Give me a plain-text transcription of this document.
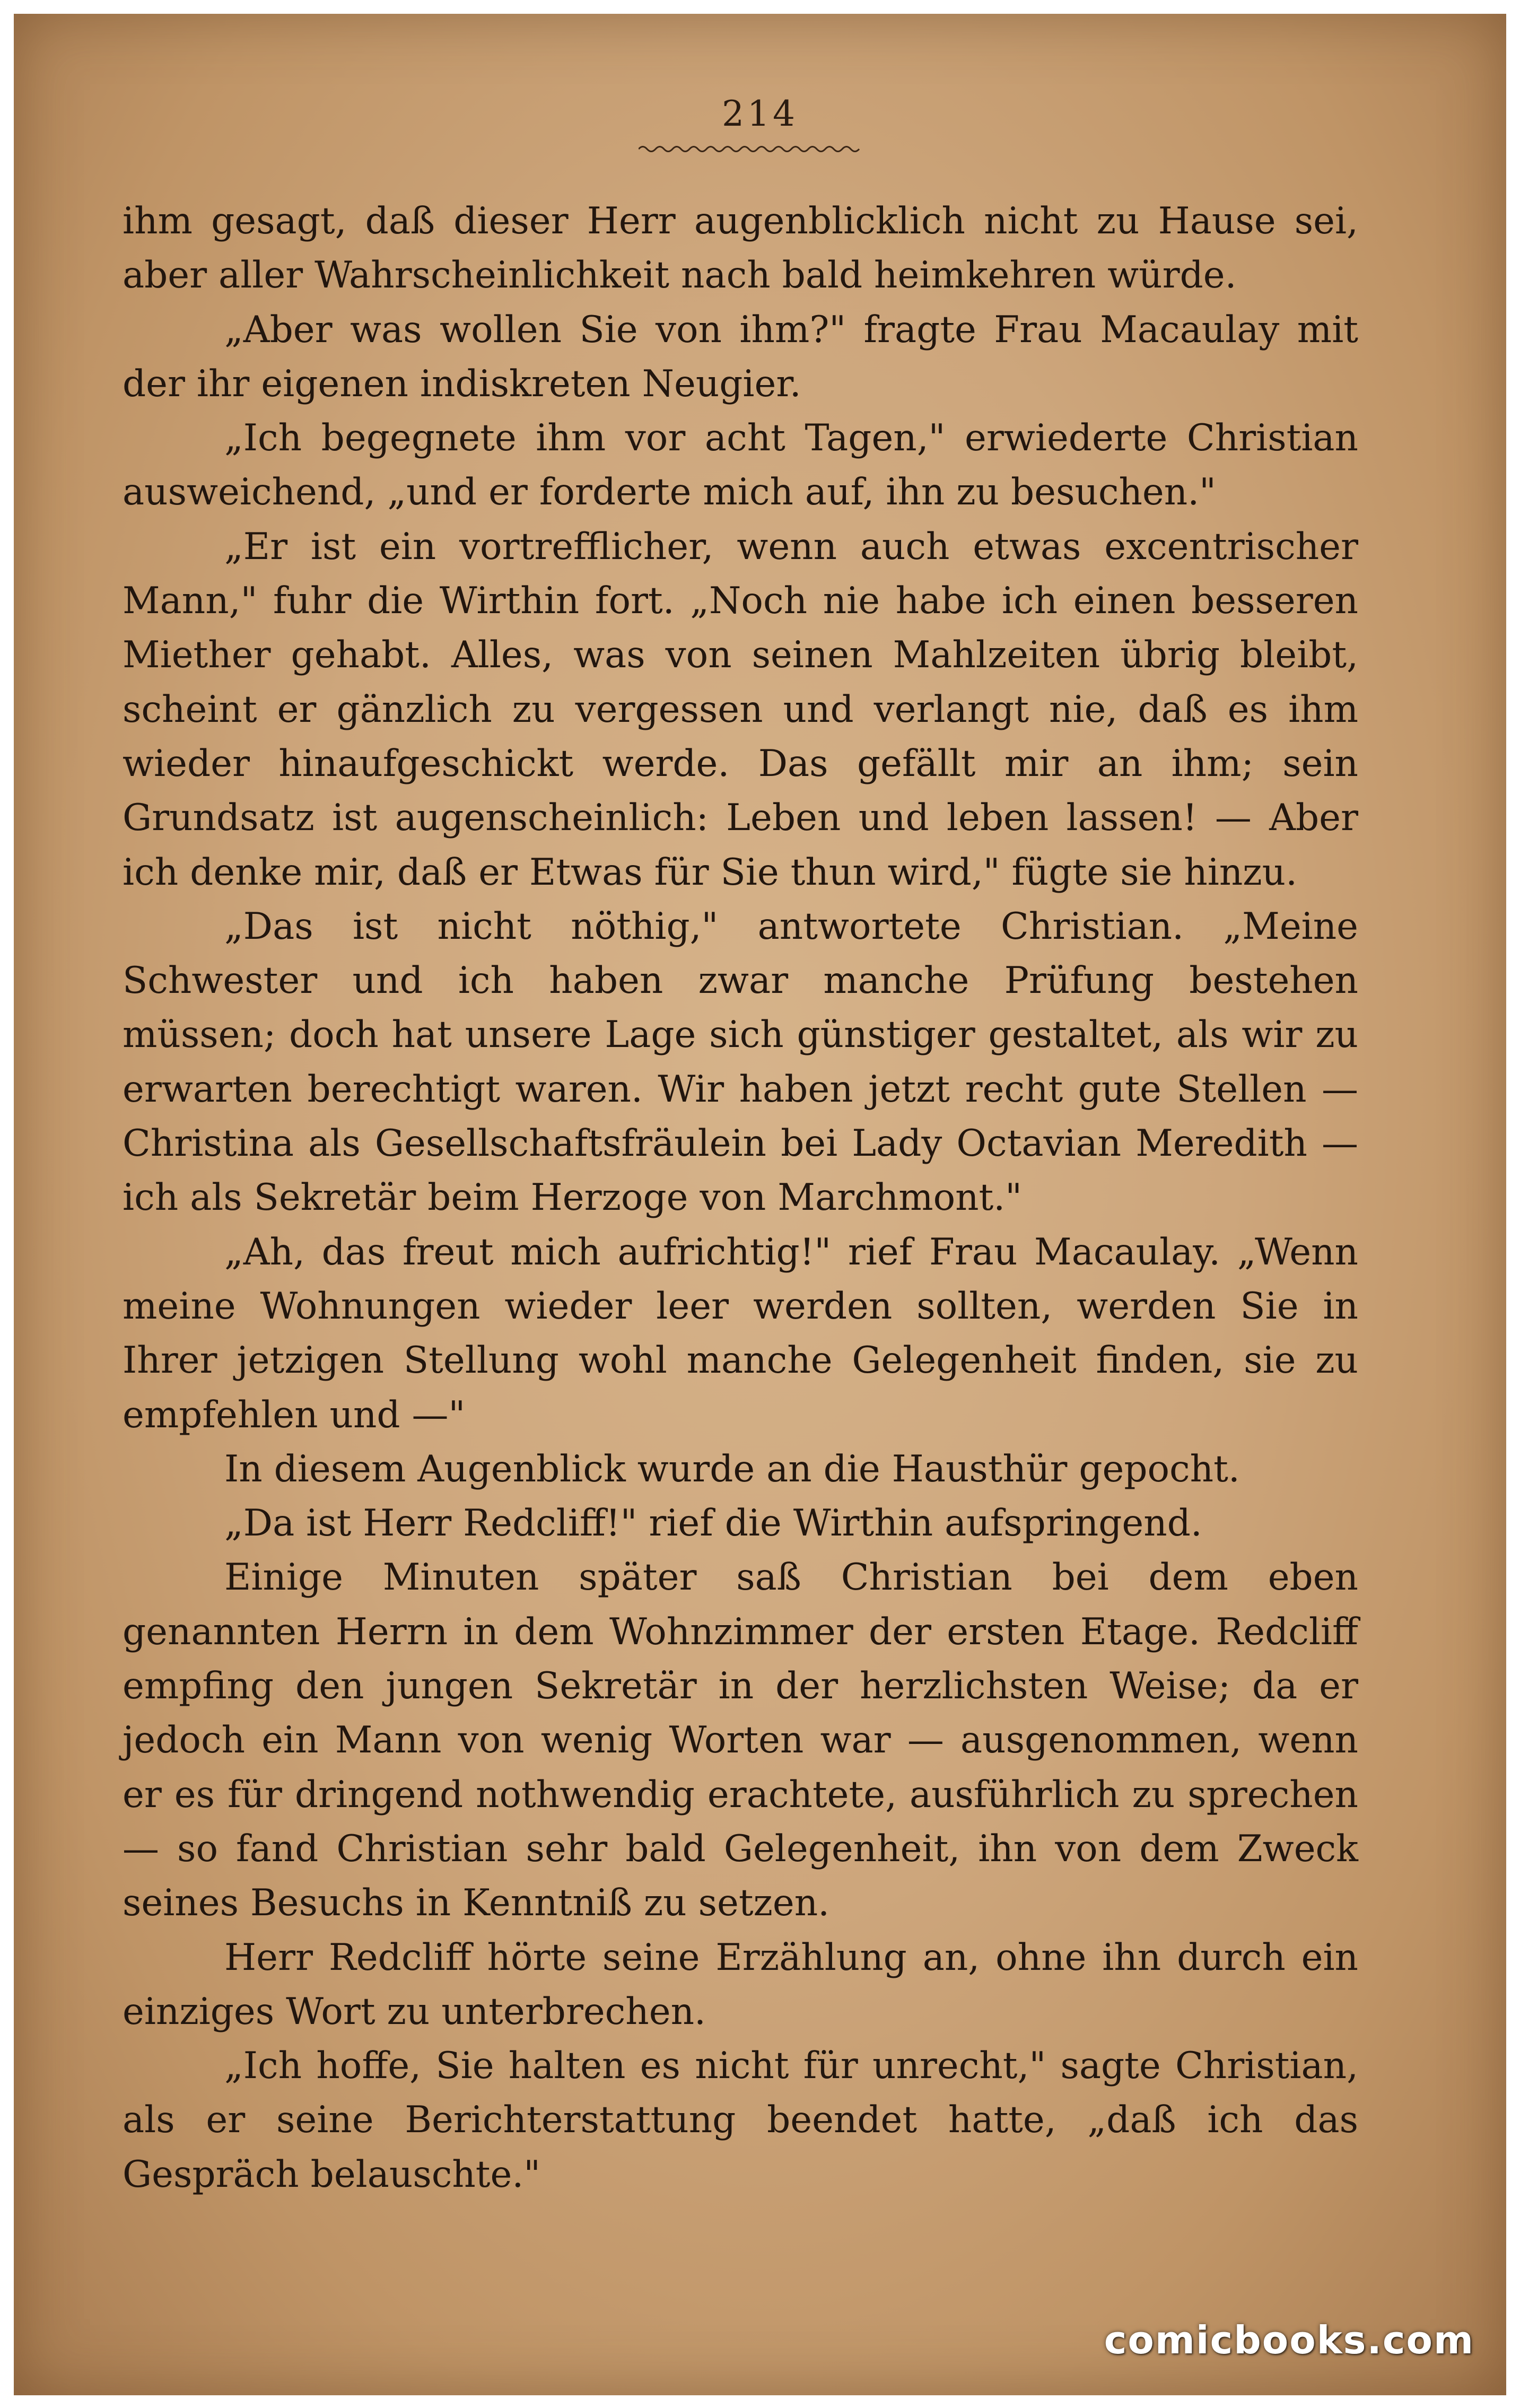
214

ihm gesagt, daß dieser Herr augenblicklich nicht zu Hause sei, aber aller Wahrscheinlichkeit nach bald heimkehren würde.

„Aber was wollen Sie von ihm?" fragte Frau Macaulay mit der ihr eigenen indiskreten Neugier.

„Ich begegnete ihm vor acht Tagen," erwiederte Christian ausweichend, „und er forderte mich auf, ihn zu besuchen."

„Er ist ein vortrefflicher, wenn auch etwas excentrischer Mann," fuhr die Wirthin fort. „Noch nie habe ich einen besseren Miether gehabt. Alles, was von seinen Mahlzeiten übrig bleibt, scheint er gänzlich zu vergessen und verlangt nie, daß es ihm wieder hinaufgeschickt werde. Das gefällt mir an ihm; sein Grundsatz ist augenscheinlich: Leben und leben lassen! — Aber ich denke mir, daß er Etwas für Sie thun wird," fügte sie hinzu.

„Das ist nicht nöthig," antwortete Christian. „Meine Schwester und ich haben zwar manche Prüfung bestehen müssen; doch hat unsere Lage sich günstiger gestaltet, als wir zu erwarten berechtigt waren. Wir haben jetzt recht gute Stellen — Christina als Gesellschaftsfräulein bei Lady Octavian Meredith — ich als Sekretär beim Herzoge von Marchmont."

„Ah, das freut mich aufrichtig!" rief Frau Macaulay. „Wenn meine Wohnungen wieder leer werden sollten, werden Sie in Ihrer jetzigen Stellung wohl manche Gelegenheit finden, sie zu empfehlen und —"

In diesem Augenblick wurde an die Hausthür gepocht.

„Da ist Herr Redcliff!" rief die Wirthin aufspringend.

Einige Minuten später saß Christian bei dem eben genannten Herrn in dem Wohnzimmer der ersten Etage. Redcliff empfing den jungen Sekretär in der herzlichsten Weise; da er jedoch ein Mann von wenig Worten war — ausgenommen, wenn er es für dringend nothwendig erachtete, ausführlich zu sprechen — so fand Christian sehr bald Gelegenheit, ihn von dem Zweck seines Besuchs in Kenntniß zu setzen.

Herr Redcliff hörte seine Erzählung an, ohne ihn durch ein einziges Wort zu unterbrechen.

„Ich hoffe, Sie halten es nicht für unrecht," sagte Christian, als er seine Berichterstattung beendet hatte, „daß ich das Gespräch belauschte."

comicbooks.com
